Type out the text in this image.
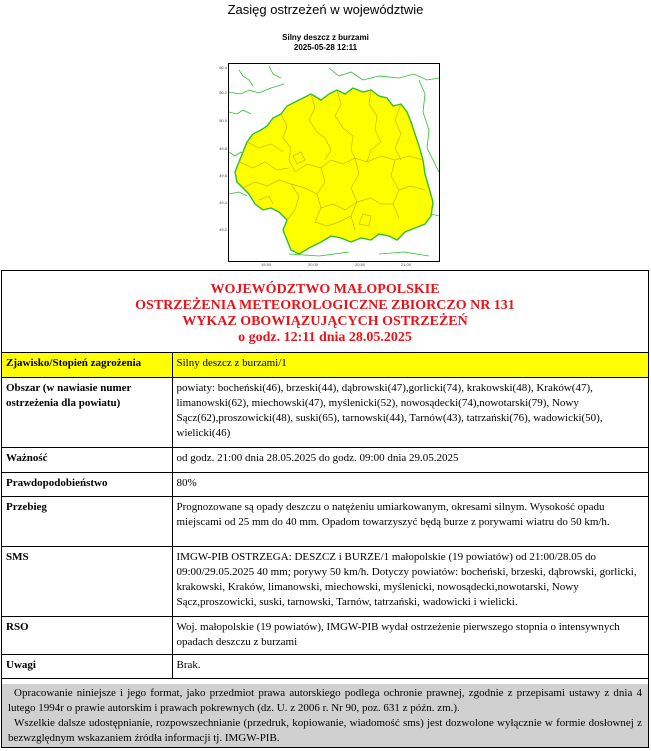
Zasięg ostrzeżeń w województwie
Silny deszcz z burzami
2025-05-28 12:11
50.4
50.2
50.0
49.8
49.6
49.4
49.2
19.50	20.00	20.50	21.00
WOJEWÓDZTWO MAŁOPOLSKIE
OSTRZEŻENIA METEOROLOGICZNE ZBIORCZO NR 131
WYKAZ OBOWIĄZUJĄCYCH OSTRZEŻEŃ
o godz. 12:11 dnia 28.05.2025
Zjawisko/Stopień zagrożenia	Silny deszcz z burzami/1
Obszar (w nawiasie numer ostrzeżenia dla powiatu)	powiaty: bocheński(46), brzeski(44), dąbrowski(47),gorlicki(74), krakowski(48), Kraków(47), limanowski(62), miechowski(47), myślenicki(52), nowosądecki(74),nowotarski(79), Nowy Sącz(62),proszowicki(48), suski(65), tarnowski(44), Tarnów(43), tatrzański(76), wadowicki(50), wielicki(46)
Ważność	od godz. 21:00 dnia 28.05.2025 do godz. 09:00 dnia 29.05.2025
Prawdopodobieństwo	80%
Przebieg	Prognozowane są opady deszczu o natężeniu umiarkowanym, okresami silnym. Wysokość opadu miejscami od 25 mm do 40 mm. Opadom towarzyszyć będą burze z porywami wiatru do 50 km/h.
SMS	IMGW-PIB OSTRZEGA: DESZCZ i BURZE/1 małopolskie (19 powiatów) od 21:00/28.05 do 09:00/29.05.2025 40 mm; porywy 50 km/h. Dotyczy powiatów: bocheński, brzeski, dąbrowski, gorlicki, krakowski, Kraków, limanowski, miechowski, myślenicki, nowosądecki,nowotarski, Nowy Sącz,proszowicki, suski, tarnowski, Tarnów, tatrzański, wadowicki i wielicki.
RSO	Woj. małopolskie (19 powiatów), IMGW-PIB wydał ostrzeżenie pierwszego stopnia o intensywnych opadach deszczu z burzami
Uwagi	Brak.

Opracowanie niniejsze i jego format, jako przedmiot prawa autorskiego podlega ochronie prawnej, zgodnie z przepisami ustawy z dnia 4 lutego 1994r o prawie autorskim i prawach pokrewnych (dz. U. z 2006 r. Nr 90, poz. 631 z późn. zm.).

Wszelkie dalsze udostępnianie, rozpowszechnianie (przedruk, kopiowanie, wiadomość sms) jest dozwolone wyłącznie w formie dosłownej z bezwzględnym wskazaniem źródła informacji tj. IMGW-PIB.
